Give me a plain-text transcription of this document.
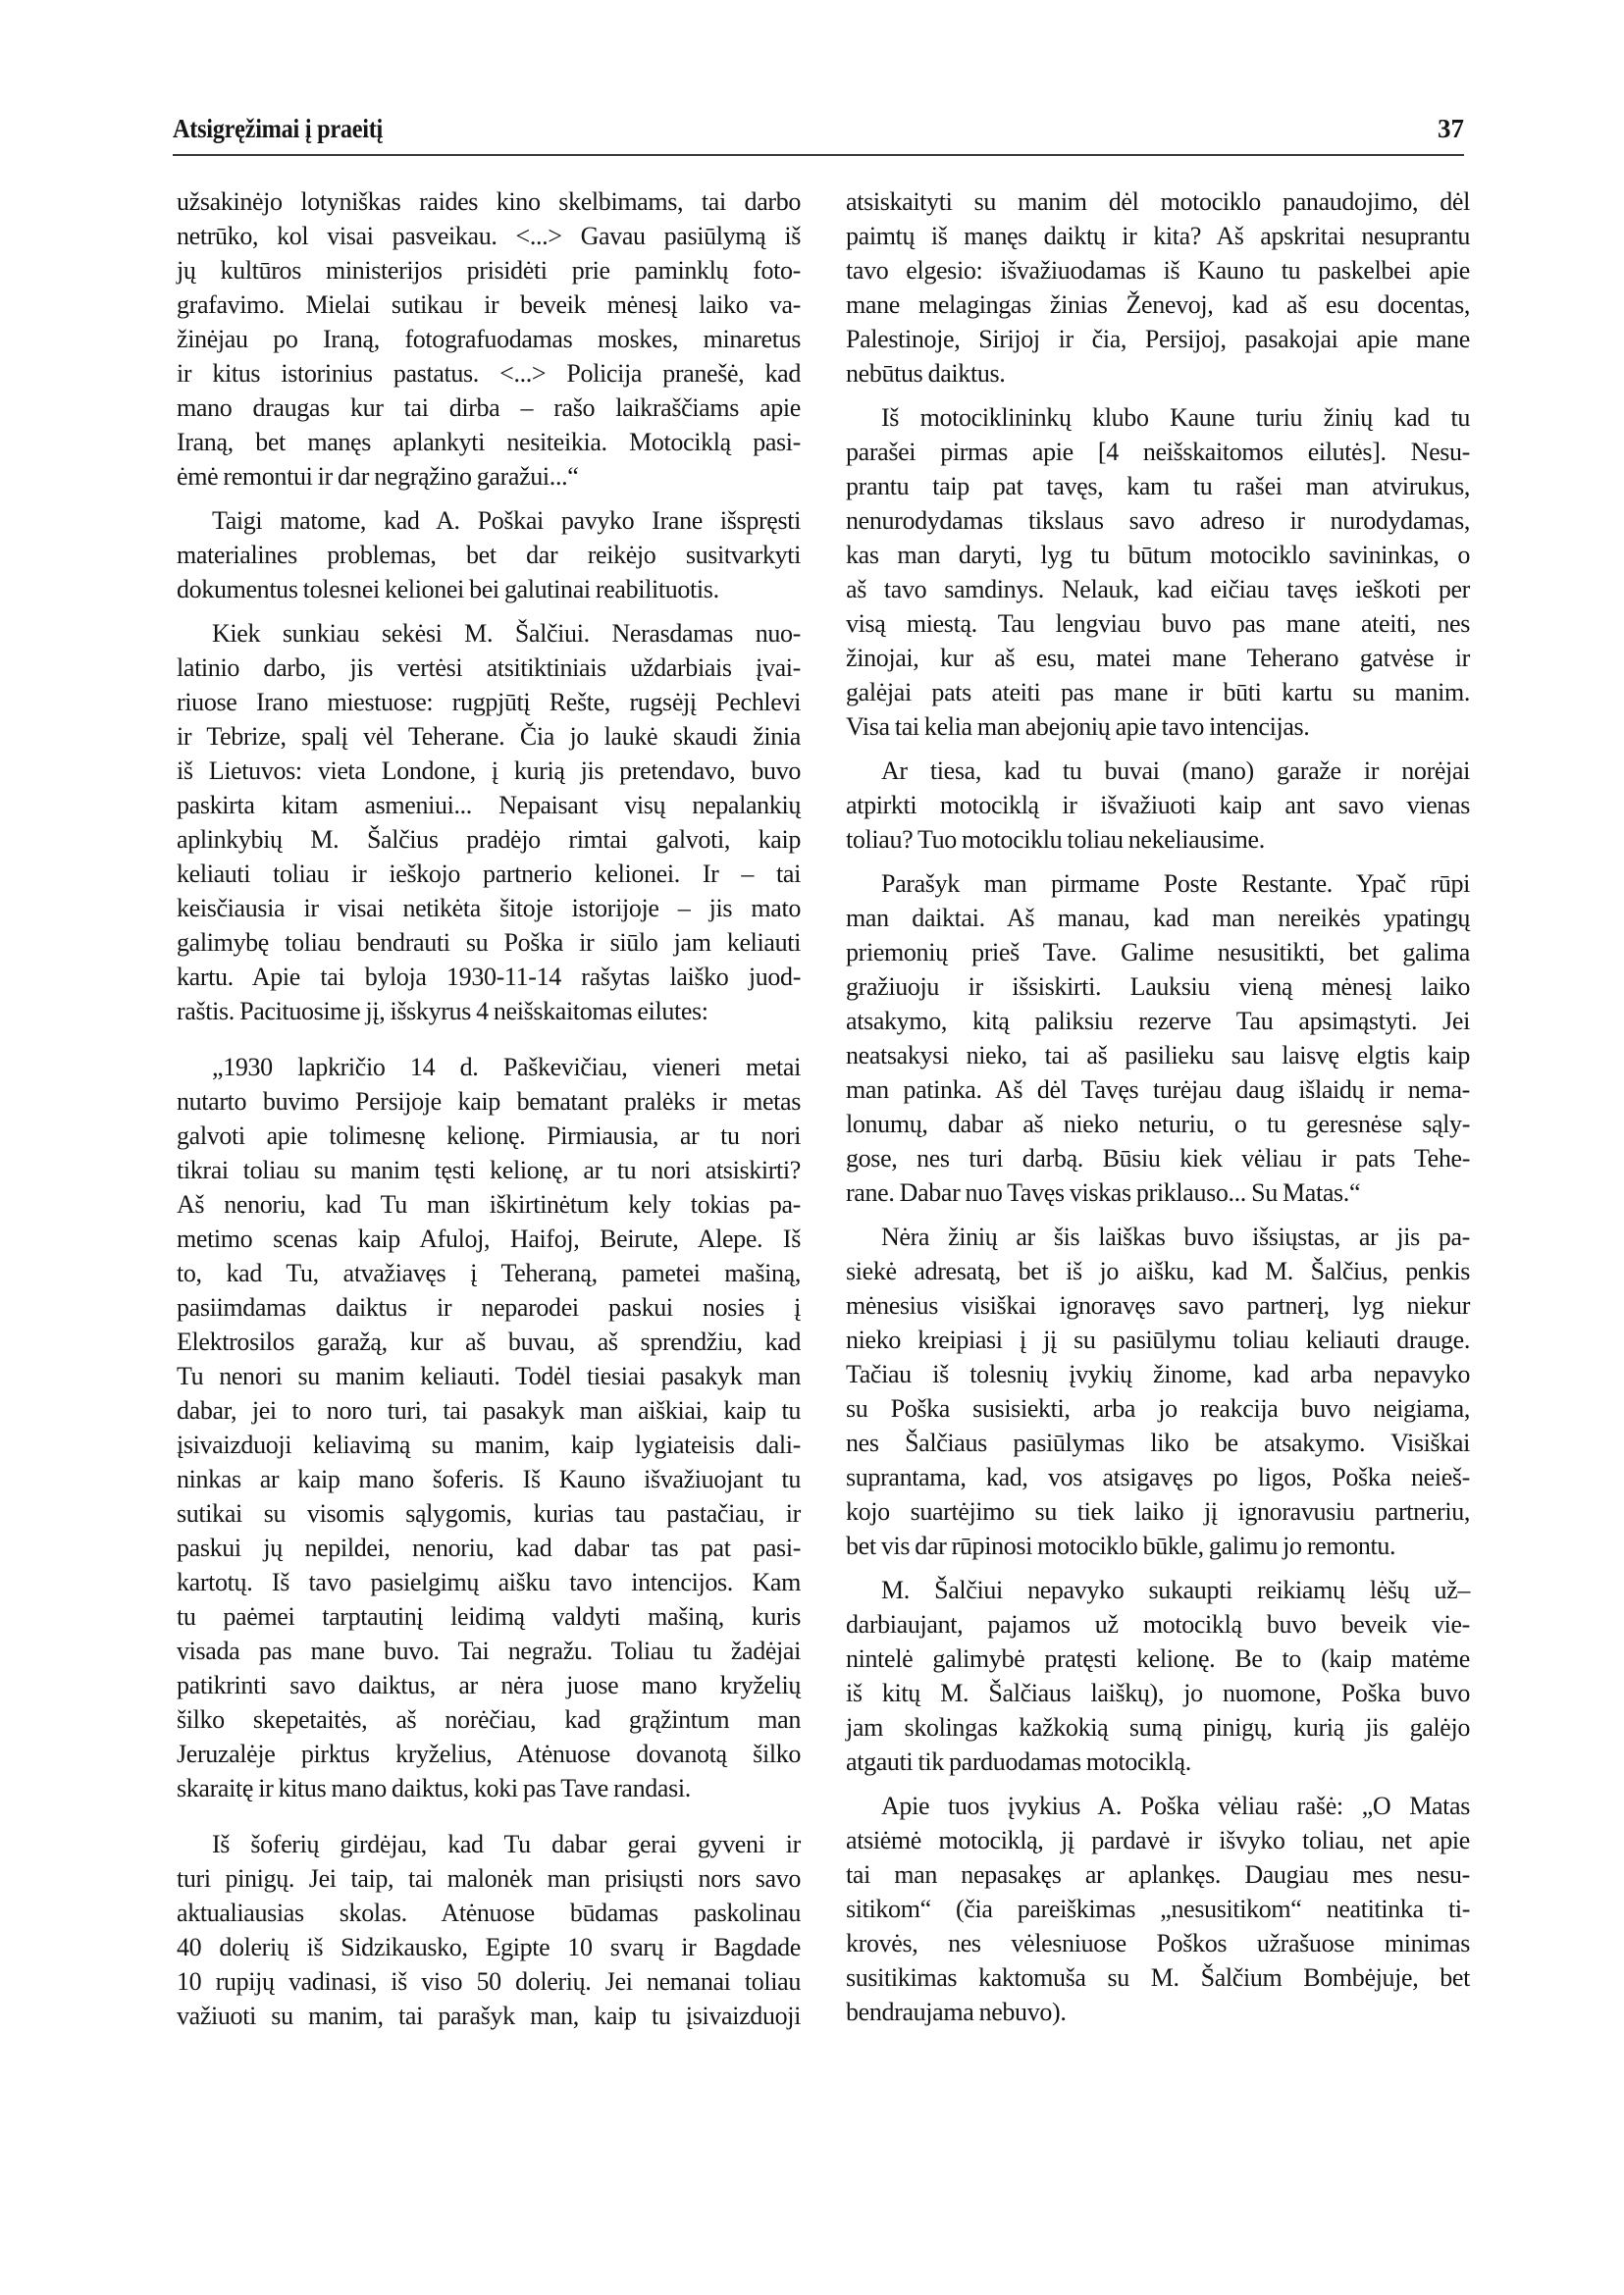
Atsigręžimai į praeitį	37
užsakinėjo lotyniškas raides kino skelbimams, tai darbo
netrūko, kol visai pasveikau. <...> Gavau pasiūlymą iš
jų kultūros ministerijos prisidėti prie paminklų foto-
grafavimo. Mielai sutikau ir beveik mėnesį laiko va-
žinėjau po Iraną, fotografuodamas moskes, minaretus
ir kitus istorinius pastatus. <...> Policija pranešė, kad
mano draugas kur tai dirba – rašo laikraščiams apie
Iraną, bet manęs aplankyti nesiteikia. Motociklą pasi-
ėmė remontui ir dar negrąžino garažui...“
Taigi matome, kad A. Poškai pavyko Irane išspręsti
materialines problemas, bet dar reikėjo susitvarkyti
dokumentus tolesnei kelionei bei galutinai reabilituotis.
Kiek sunkiau sekėsi M. Šalčiui. Nerasdamas nuo-
latinio darbo, jis vertėsi atsitiktiniais uždarbiais įvai-
riuose Irano miestuose: rugpjūtį Rešte, rugsėjį Pechlevi
ir Tebrize, spalį vėl Teherane. Čia jo laukė skaudi žinia
iš Lietuvos: vieta Londone, į kurią jis pretendavo, buvo
paskirta kitam asmeniui... Nepaisant visų nepalankių
aplinkybių M. Šalčius pradėjo rimtai galvoti, kaip
keliauti toliau ir ieškojo partnerio kelionei. Ir – tai
keisčiausia ir visai netikėta šitoje istorijoje – jis mato
galimybę toliau bendrauti su Poška ir siūlo jam keliauti
kartu. Apie tai byloja 1930-11-14 rašytas laiško juod-
raštis. Pacituosime jį, išskyrus 4 neišskaitomas eilutes:
„1930 lapkričio 14 d. Paškevičiau, vieneri metai
nutarto buvimo Persijoje kaip bematant pralėks ir metas
galvoti apie tolimesnę kelionę. Pirmiausia, ar tu nori
tikrai toliau su manim tęsti kelionę, ar tu nori atsiskirti?
Aš nenoriu, kad Tu man iškirtinėtum kely tokias pa-
metimo scenas kaip Afuloj, Haifoj, Beirute, Alepe. Iš
to, kad Tu, atvažiavęs į Teheraną, pametei mašiną,
pasiimdamas daiktus ir neparodei paskui nosies į
Elektrosilos garažą, kur aš buvau, aš sprendžiu, kad
Tu nenori su manim keliauti. Todėl tiesiai pasakyk man
dabar, jei to noro turi, tai pasakyk man aiškiai, kaip tu
įsivaizduoji keliavimą su manim, kaip lygiateisis dali-
ninkas ar kaip mano šoferis. Iš Kauno išvažiuojant tu
sutikai su visomis sąlygomis, kurias tau pastačiau, ir
paskui jų nepildei, nenoriu, kad dabar tas pat pasi-
kartotų. Iš tavo pasielgimų aišku tavo intencijos. Kam
tu paėmei tarptautinį leidimą valdyti mašiną, kuris
visada pas mane buvo. Tai negražu. Toliau tu žadėjai
patikrinti savo daiktus, ar nėra juose mano kryželių
šilko skepetaitės, aš norėčiau, kad grąžintum man
Jeruzalėje pirktus kryželius, Atėnuose dovanotą šilko
skaraitę ir kitus mano daiktus, koki pas Tave randasi.
Iš šoferių girdėjau, kad Tu dabar gerai gyveni ir
turi pinigų. Jei taip, tai malonėk man prisiųsti nors savo
aktualiausias skolas. Atėnuose būdamas paskolinau
40 dolerių iš Sidzikausko, Egipte 10 svarų ir Bagdade
10 rupijų vadinasi, iš viso 50 dolerių. Jei nemanai toliau
važiuoti su manim, tai parašyk man, kaip tu įsivaizduoji
atsiskaityti su manim dėl motociklo panaudojimo, dėl
paimtų iš manęs daiktų ir kita? Aš apskritai nesuprantu
tavo elgesio: išvažiuodamas iš Kauno tu paskelbei apie
mane melagingas žinias Ženevoj, kad aš esu docentas,
Palestinoje, Sirijoj ir čia, Persijoj, pasakojai apie mane
nebūtus daiktus.
Iš motociklininkų klubo Kaune turiu žinių kad tu
parašei pirmas apie [4 neišskaitomos eilutės]. Nesu-
prantu taip pat tavęs, kam tu rašei man atvirukus,
nenurodydamas tikslaus savo adreso ir nurodydamas,
kas man daryti, lyg tu būtum motociklo savininkas, o
aš tavo samdinys. Nelauk, kad eičiau tavęs ieškoti per
visą miestą. Tau lengviau buvo pas mane ateiti, nes
žinojai, kur aš esu, matei mane Teherano gatvėse ir
galėjai pats ateiti pas mane ir būti kartu su manim.
Visa tai kelia man abejonių apie tavo intencijas.
Ar tiesa, kad tu buvai (mano) garaže ir norėjai
atpirkti motociklą ir išvažiuoti kaip ant savo vienas
toliau? Tuo motociklu toliau nekeliausime.
Parašyk man pirmame Poste Restante. Ypač rūpi
man daiktai. Aš manau, kad man nereikės ypatingų
priemonių prieš Tave. Galime nesusitikti, bet galima
gražiuoju ir išsiskirti. Lauksiu vieną mėnesį laiko
atsakymo, kitą paliksiu rezerve Tau apsimąstyti. Jei
neatsakysi nieko, tai aš pasilieku sau laisvę elgtis kaip
man patinka. Aš dėl Tavęs turėjau daug išlaidų ir nema-
lonumų, dabar aš nieko neturiu, o tu geresnėse sąly-
gose, nes turi darbą. Būsiu kiek vėliau ir pats Tehe-
rane. Dabar nuo Tavęs viskas priklauso... Su Matas.“
Nėra žinių ar šis laiškas buvo išsiųstas, ar jis pa-
siekė adresatą, bet iš jo aišku, kad M. Šalčius, penkis
mėnesius visiškai ignoravęs savo partnerį, lyg niekur
nieko kreipiasi į jį su pasiūlymu toliau keliauti drauge.
Tačiau iš tolesnių įvykių žinome, kad arba nepavyko
su Poška susisiekti, arba jo reakcija buvo neigiama,
nes Šalčiaus pasiūlymas liko be atsakymo. Visiškai
suprantama, kad, vos atsigavęs po ligos, Poška neieš-
kojo suartėjimo su tiek laiko jį ignoravusiu partneriu,
bet vis dar rūpinosi motociklo būkle, galimu jo remontu.
M. Šalčiui nepavyko sukaupti reikiamų lėšų už–
darbiaujant, pajamos už motociklą buvo beveik vie-
nintelė galimybė pratęsti kelionę. Be to (kaip matėme
iš kitų M. Šalčiaus laiškų), jo nuomone, Poška buvo
jam skolingas kažkokią sumą pinigų, kurią jis galėjo
atgauti tik parduodamas motociklą.
Apie tuos įvykius A. Poška vėliau rašė: „O Matas
atsiėmė motociklą, jį pardavė ir išvyko toliau, net apie
tai man nepasakęs ar aplankęs. Daugiau mes nesu-
sitikom“ (čia pareiškimas „nesusitikom“ neatitinka ti-
krovės, nes vėlesniuose Poškos užrašuose minimas
susitikimas kaktomuša su M. Šalčium Bombėjuje, bet
bendraujama nebuvo).
